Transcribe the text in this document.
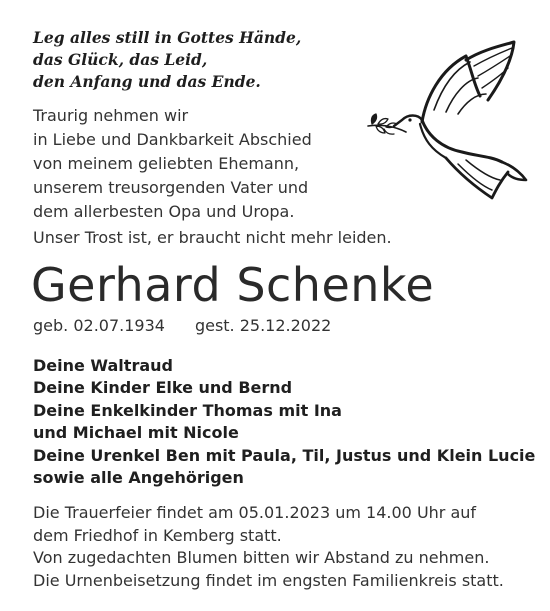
Leg alles still in Gottes Hände,
das Glück, das Leid,
den Anfang und das Ende.
Traurig nehmen wir
in Liebe und Dankbarkeit Abschied
von meinem geliebten Ehemann,
unserem treusorgenden Vater und
dem allerbesten Opa und Uropa.
Unser Trost ist, er braucht nicht mehr leiden.
Gerhard Schenke
geb. 02.07.1934 gest. 25.12.2022
Deine Waltraud
Deine Kinder Elke und Bernd
Deine Enkelkinder Thomas mit Ina
und Michael mit Nicole
Deine Urenkel Ben mit Paula, Til, Justus und Klein Lucie
sowie alle Angehörigen
Die Trauerfeier findet am 05.01.2023 um 14.00 Uhr auf
dem Friedhof in Kemberg statt.
Von zugedachten Blumen bitten wir Abstand zu nehmen.
Die Urnenbeisetzung findet im engsten Familienkreis statt.
